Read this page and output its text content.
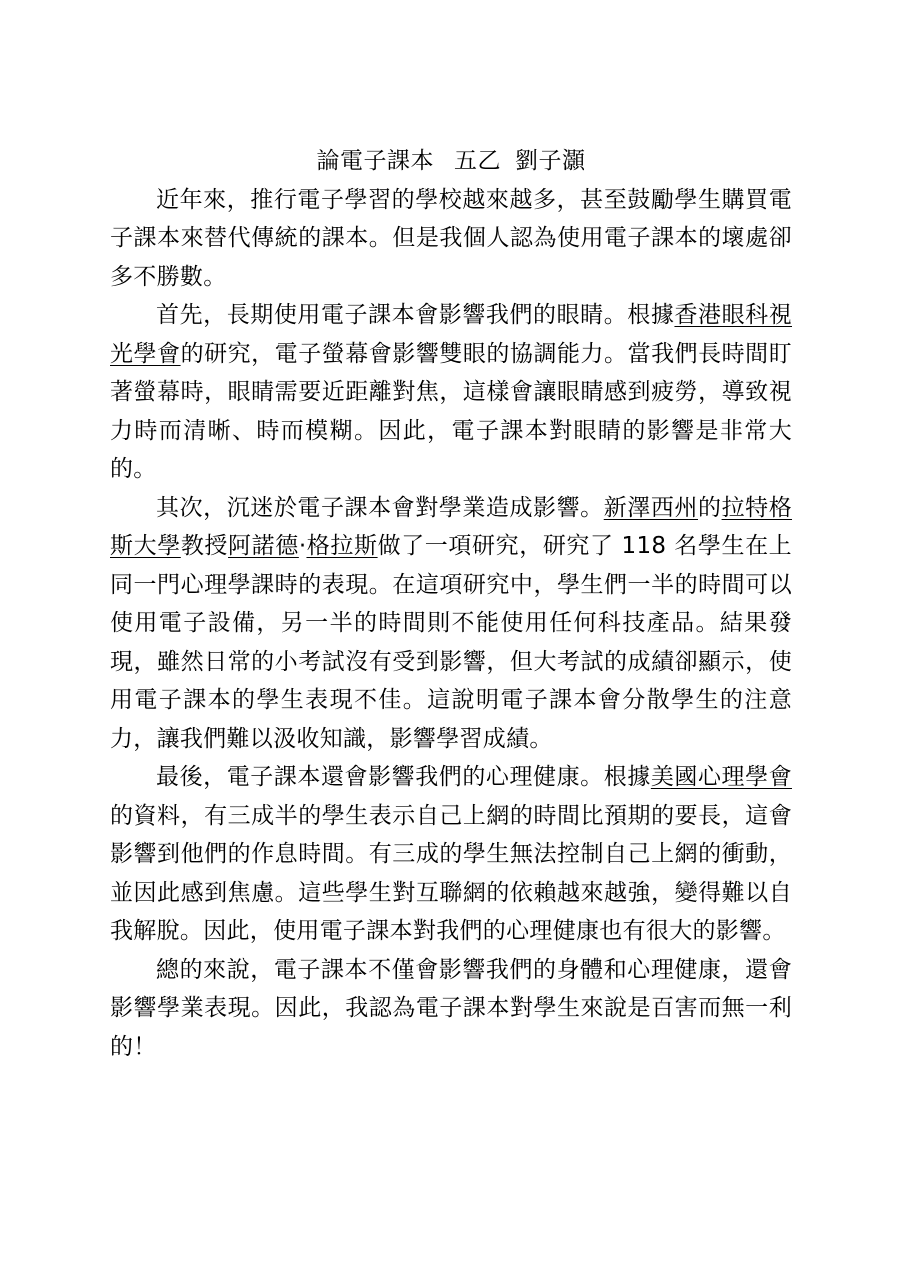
論電子課本 五乙 劉子灝

近年來，推行電子學習的學校越來越多，甚至鼓勵學生購買電子課本來替代傳統的課本。但是我個人認為使用電子課本的壞處卻多不勝數。

首先，長期使用電子課本會影響我們的眼睛。根據香港眼科視光學會的研究，電子螢幕會影響雙眼的協調能力。當我們長時間盯著螢幕時，眼睛需要近距離對焦，這樣會讓眼睛感到疲勞，導致視力時而清晰、時而模糊。因此，電子課本對眼睛的影響是非常大的。

其次，沉迷於電子課本會對學業造成影響。新澤西州的拉特格斯大學教授阿諾德·格拉斯做了一項研究，研究了 118 名學生在上同一門心理學課時的表現。在這項研究中，學生們一半的時間可以使用電子設備，另一半的時間則不能使用任何科技產品。結果發現，雖然日常的小考試沒有受到影響，但大考試的成績卻顯示，使用電子課本的學生表現不佳。這說明電子課本會分散學生的注意力，讓我們難以汲收知識，影響學習成績。

最後，電子課本還會影響我們的心理健康。根據美國心理學會的資料，有三成半的學生表示自己上網的時間比預期的要長，這會影響到他們的作息時間。有三成的學生無法控制自己上網的衝動，並因此感到焦慮。這些學生對互聯網的依賴越來越強，變得難以自我解脫。因此，使用電子課本對我們的心理健康也有很大的影響。

總的來說，電子課本不僅會影響我們的身體和心理健康，還會影響學業表現。因此，我認為電子課本對學生來說是百害而無一利的！
